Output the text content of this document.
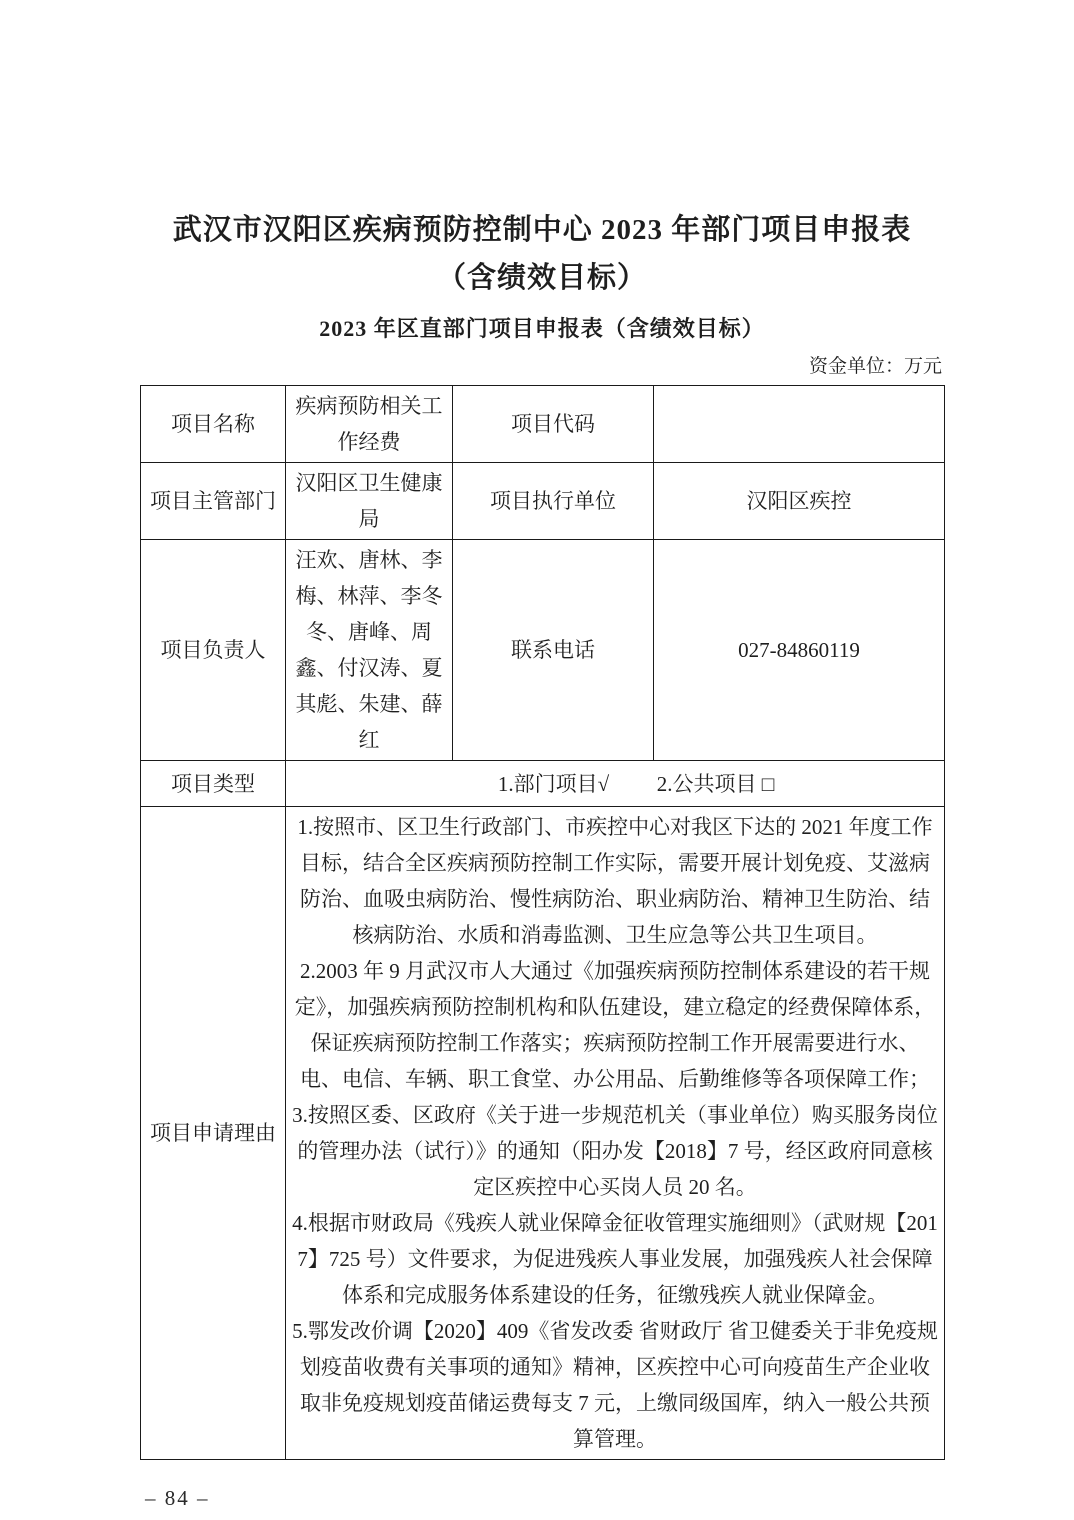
武汉市汉阳区疾病预防控制中心 2023 年部门项目申报表
（含绩效目标）
2023 年区直部门项目申报表（含绩效目标）
资金单位：万元
项目名称	疾病预防相关工作经费	项目代码	
项目主管部门	汉阳区卫生健康局	项目执行单位	汉阳区疾控
项目负责人	汪欢、唐林、李梅、林萍、李冬冬、唐峰、周鑫、付汉涛、夏其彪、朱建、薛红	联系电话	027-84860119
项目类型	1.部门项目√ 2.公共项目 □		
项目申请理由	1.按照市、区卫生行政部门、市疾控中心对我区下达的 2021 年度工作目标，结合全区疾病预防控制工作实际，需要开展计划免疫、艾滋病防治、血吸虫病防治、慢性病防治、职业病防治、精神卫生防治、结核病防治、水质和消毒监测、卫生应急等公共卫生项目。

2.2003 年 9 月武汉市人大通过《加强疾病预防控制体系建设的若干规定》，加强疾病预防控制机构和队伍建设，建立稳定的经费保障体系，保证疾病预防控制工作落实；疾病预防控制工作开展需要进行水、电、电信、车辆、职工食堂、办公用品、后勤维修等各项保障工作；

3.按照区委、区政府《关于进一步规范机关（事业单位）购买服务岗位的管理办法（试行）》的通知（阳办发【2018】7 号，经区政府同意核定区疾控中心买岗人员 20 名。

4.根据市财政局《残疾人就业保障金征收管理实施细则》（武财规【2017】725 号）文件要求，为促进残疾人事业发展，加强残疾人社会保障体系和完成服务体系建设的任务，征缴残疾人就业保障金。

5.鄂发改价调【2020】409《省发改委 省财政厅 省卫健委关于非免疫规划疫苗收费有关事项的通知》精神，区疾控中心可向疫苗生产企业收取非免疫规划疫苗储运费每支 7 元，上缴同级国库，纳入一般公共预算管理。		

– 84 –
